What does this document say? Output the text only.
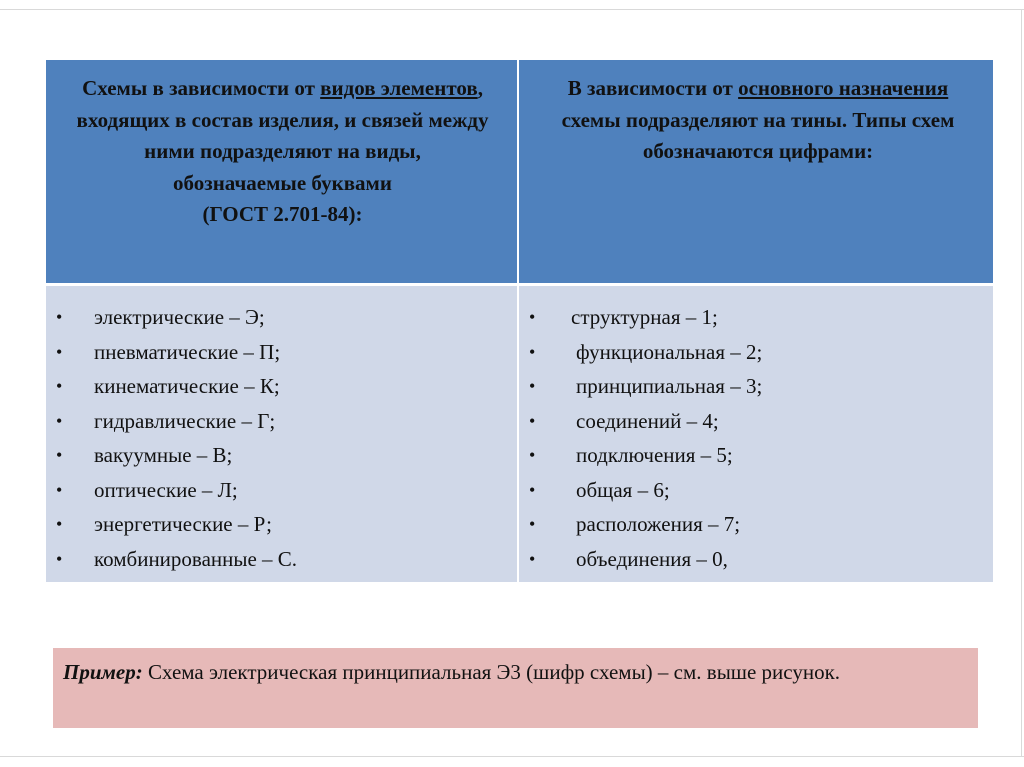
Схемы в зависимости от видов элементов, входящих в состав изделия, и связей между ними подразделяют на виды, обозначаемые буквами
(ГОСТ 2.701-84):
В зависимости от основного назначения схемы подразделяют на тины. Типы схем обозначаются цифрами:
• электрические – Э;
• пневматические – П;
• кинематические – К;
• гидравлические – Г;
• вакуумные – В;
• оптические – Л;
• энергетические – Р;
• комбинированные – С.
• структурная – 1;
• функциональная – 2;
• принципиальная – 3;
• соединений – 4;
• подключения – 5;
• общая – 6;
• расположения – 7;
• объединения – 0,
Пример: Схема электрическая принципиальная Э3 (шифр схемы) – см. выше рисунок.
